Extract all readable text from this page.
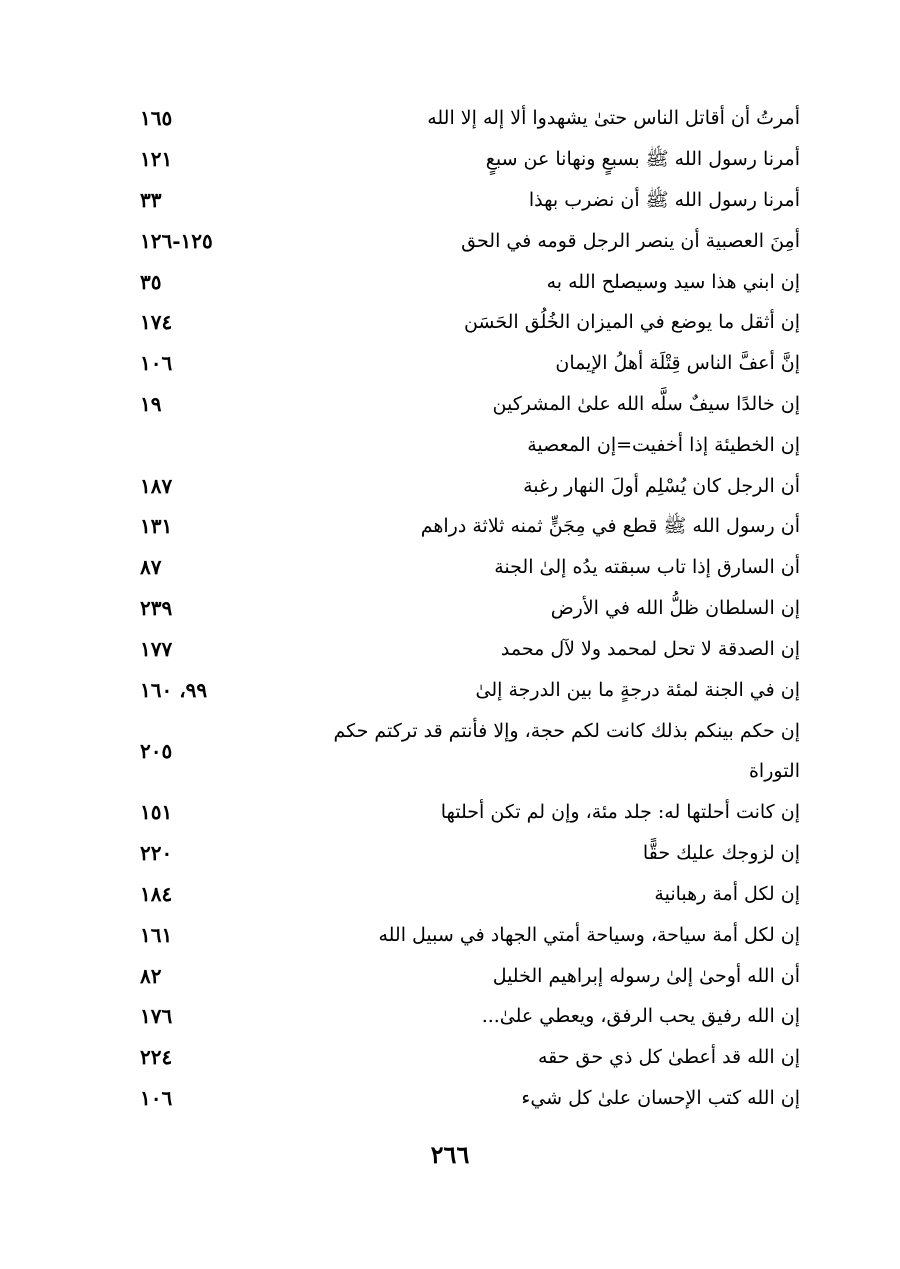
أمرتُ أن أقاتل الناس حتىٰ يشهدوا ألا إله إلا الله
١٦٥
أمرنا رسول الله ﷺ بسبعٍ ونهانا عن سبعٍ
١٢١
أمرنا رسول الله ﷺ أن نضرب بهذا
٣٣
أمِنَ العصبية أن ينصر الرجل قومه في الحق
١٢٥-١٢٦
إن ابني هذا سيد وسيصلح الله به
٣٥
إن أثقل ما يوضع في الميزان الخُلُق الحَسَن
١٧٤
إنَّ أعفَّ الناس قِتْلَة أهلُ الإيمان
١٠٦
إن خالدًا سيفٌ سلَّه الله علىٰ المشركين
١٩
إن الخطيئة إذا أخفيت=إن المعصية
أن الرجل كان يُسْلِم أولَ النهار رغبة
١٨٧
أن رسول الله ﷺ قطع في مِجَنٍّ ثمنه ثلاثة دراهم
١٣١
أن السارق إذا تاب سبقته يدُه إلىٰ الجنة
٨٧
إن السلطان ظلُّ الله في الأرض
٢٣٩
إن الصدقة لا تحل لمحمد ولا لآل محمد
١٧٧
إن في الجنة لمئة درجةٍ ما بين الدرجة إلىٰ
٩٩، ١٦٠
إن حكم بينكم بذلك كانت لكم حجة، وإلا فأنتم قد تركتم حكم التوراة
٢٠٥
إن كانت أحلتها له: جلد مئة، وإن لم تكن أحلتها
١٥١
إن لزوجك عليك حقًّا
٢٢٠
إن لكل أمة رهبانية
١٨٤
إن لكل أمة سياحة، وسياحة أمتي الجهاد في سبيل الله
١٦١
أن الله أوحىٰ إلىٰ رسوله إبراهيم الخليل
٨٢
إن الله رفيق يحب الرفق، ويعطي علىٰ...
١٧٦
إن الله قد أعطىٰ كل ذي حق حقه
٢٢٤
إن الله كتب الإحسان علىٰ كل شيء
١٠٦
٢٦٦
